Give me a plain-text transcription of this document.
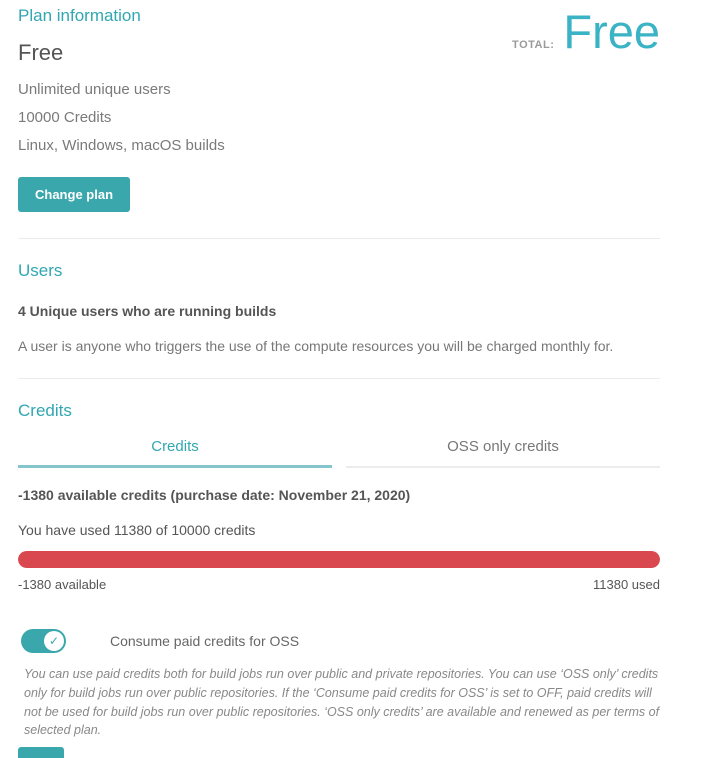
Plan information
TOTAL: Free
Free
Unlimited unique users
10000 Credits
Linux, Windows, macOS builds
Change plan
Users
4 Unique users who are running builds
A user is anyone who triggers the use of the compute resources you will be charged monthly for.
Credits
Credits	OSS only credits
-1380 available credits (purchase date: November 21, 2020)
You have used 11380 of 10000 credits
-1380 available	11380 used
✓	Consume paid credits for OSS
You can use paid credits both for build jobs run over public and private repositories. You can use ‘OSS only’ credits only for build jobs run over public repositories. If the ‘Consume paid credits for OSS’ is set to OFF, paid credits will not be used for build jobs run over public repositories. ‘OSS only credits’ are available and renewed as per terms of selected plan.
